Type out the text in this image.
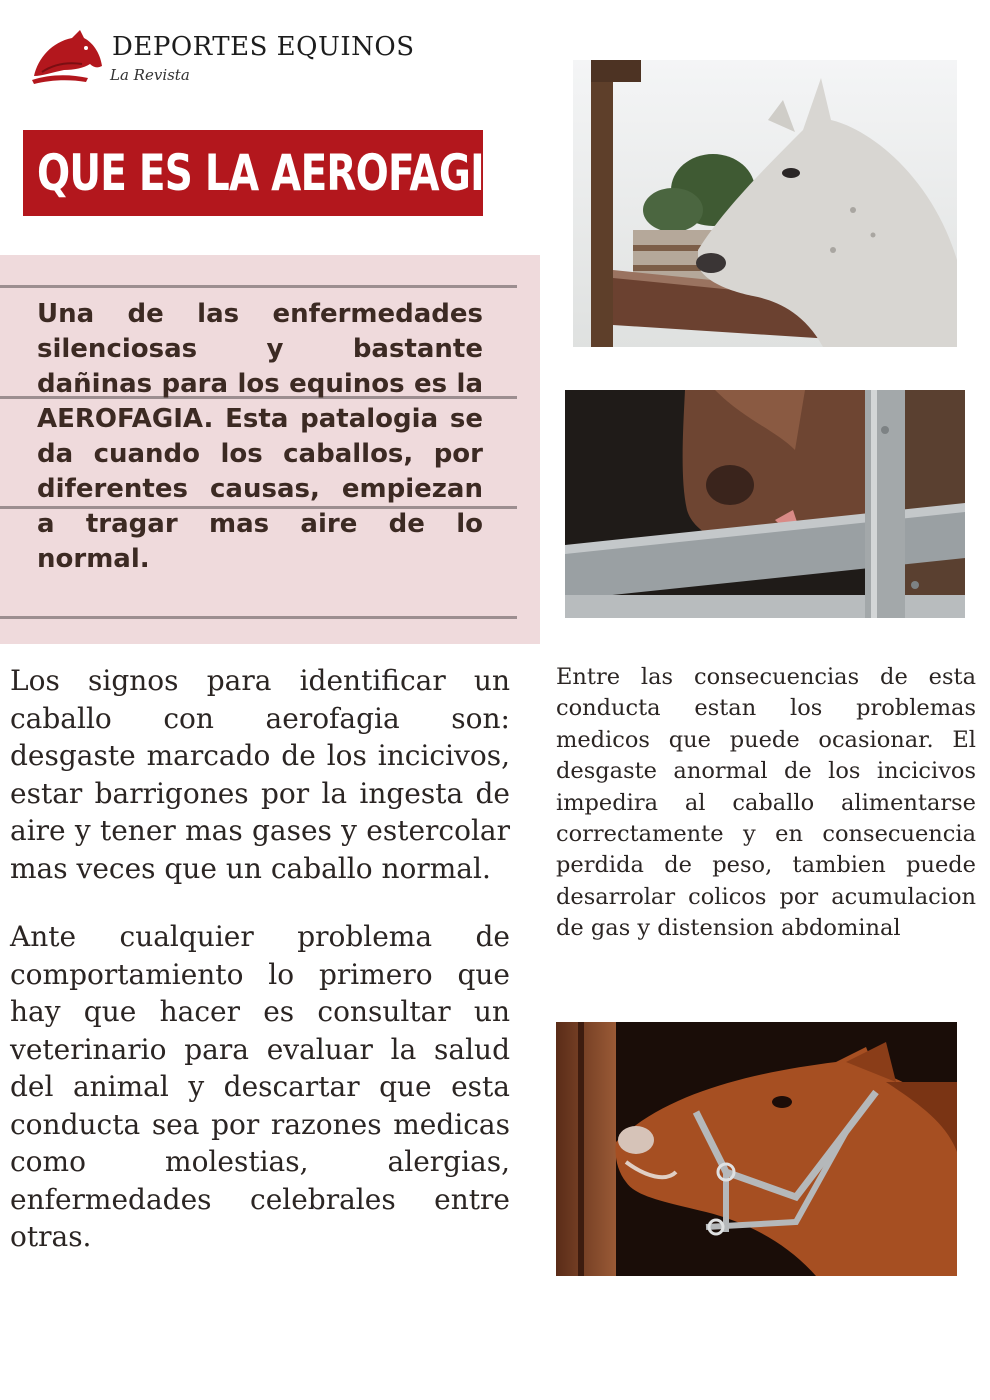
DEPORTES EQUINOS
La Revista
QUE ES LA AEROFAGIA
Una de las enfermedades silenciosas y bastante dañinas para los equinos es la AEROFAGIA. Esta patalogia se da cuando los caballos, por diferentes causas, empiezan a tragar mas aire de lo normal.

Los signos para identificar un caballo con aerofagia son: desgaste marcado de los incicivos, estar barrigones por la ingesta de aire y tener mas gases y estercolar mas veces que un caballo normal.

Ante cualquier problema de comportamiento lo primero que hay que hacer es consultar un veterinario para evaluar la salud del animal y descartar que esta conducta sea por razones medicas como molestias, alergias, enfermedades celebrales entre otras.

Entre las consecuencias de esta conducta estan los problemas medicos que puede ocasionar. El desgaste anormal de los incicivos impedira al caballo alimentarse correctamente y en consecuencia perdida de peso, tambien puede desarrolar colicos por acumulacion de gas y distension abdominal
